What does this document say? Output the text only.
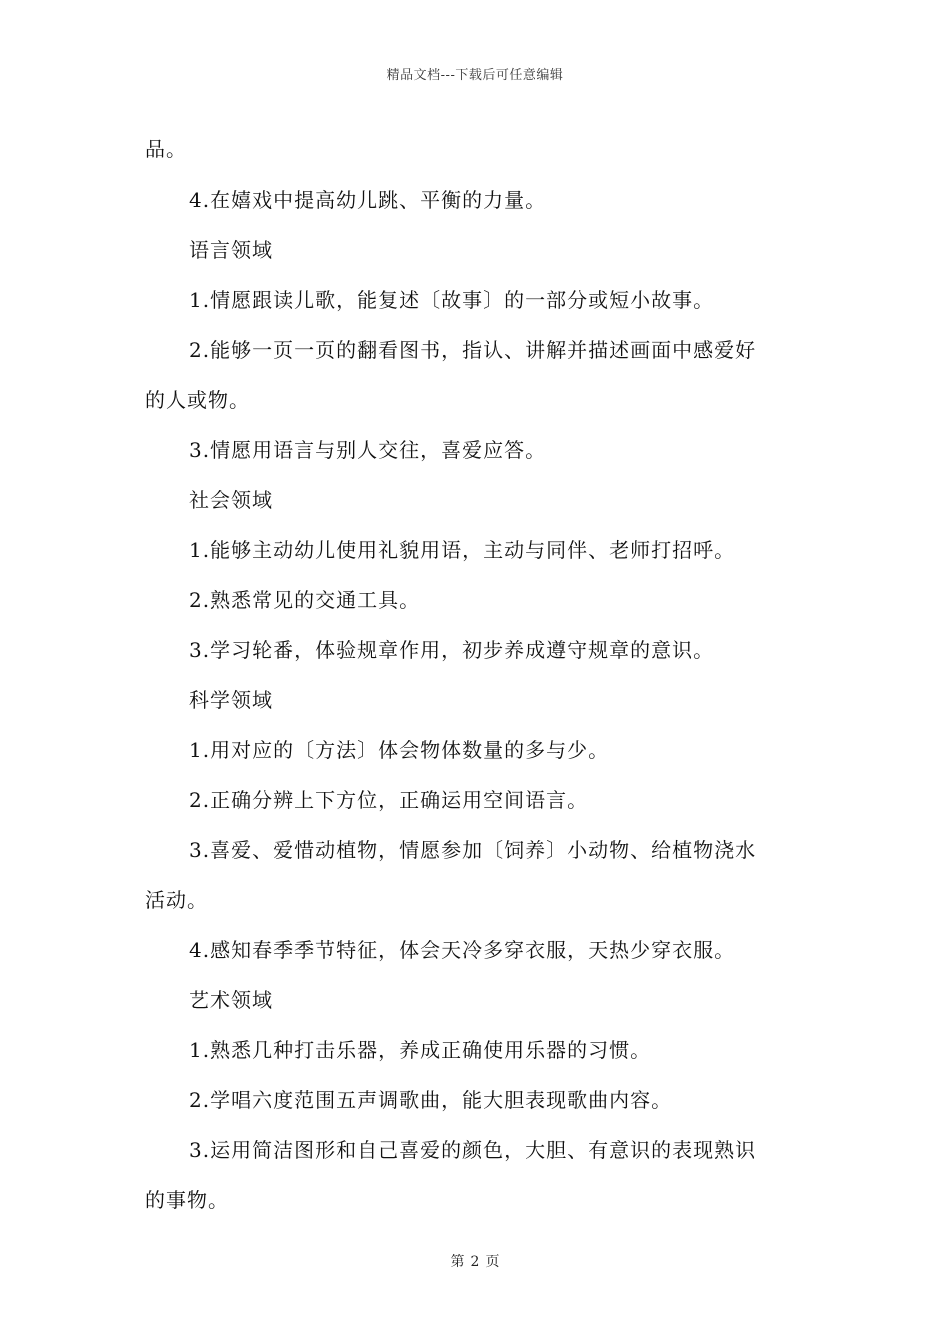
精品文档---下载后可任意编辑
品。
4.在嬉戏中提高幼儿跳、平衡的力量。
语言领域
1.情愿跟读儿歌，能复述〔故事〕的一部分或短小故事。
2.能够一页一页的翻看图书，指认、讲解并描述画面中感爱好
的人或物。
3.情愿用语言与别人交往，喜爱应答。
社会领域
1.能够主动幼儿使用礼貌用语，主动与同伴、老师打招呼。
2.熟悉常见的交通工具。
3.学习轮番，体验规章作用，初步养成遵守规章的意识。
科学领域
1.用对应的〔方法〕体会物体数量的多与少。
2.正确分辨上下方位，正确运用空间语言。
3.喜爱、爱惜动植物，情愿参加〔饲养〕小动物、给植物浇水
活动。
4.感知春季季节特征，体会天冷多穿衣服，天热少穿衣服。
艺术领域
1.熟悉几种打击乐器，养成正确使用乐器的习惯。
2.学唱六度范围五声调歌曲，能大胆表现歌曲内容。
3.运用简洁图形和自己喜爱的颜色，大胆、有意识的表现熟识
的事物。
第 2 页
